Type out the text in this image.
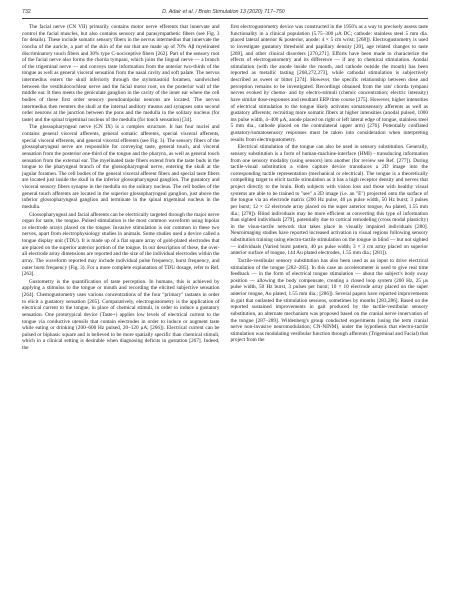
732	D. Adair et al. / Brain Stimulation 13 (2020) 717–750

The facial nerve (CN VII) primarily contains motor nerve efferents that innervate and control the facial muscles, but also contains sensory and parasympathetic fibers (see Fig. 3 for details). These include somatic sensory fibers in the nervus intermedius that innervate the concha of the auricle, a part of the skin of the ear that are made up of 70% Aβ myelinated discriminatory touch fibers and 30% type C-nociceptive fibers [262]. Part of the sensory root of the facial nerve also forms the chorda tympani, which joins the lingual nerve — a branch of the trigeminal nerve — and conveys taste information from the anterior two-thirds of the tongue as well as general visceral sensation from the nasal cavity and soft palate. The nervus intermedius enters the skull inferiorly through the stylomastoid foramen, sandwiched between the vestibulocochlear nerve and the facial motor root, on the posterior wall of the middle ear. It then meets the geniculate ganglion in the cavity of the inner ear where the cell bodies of these first order sensory pseudounipolar neurons are located. The nervus intermedius then reenters the skull at the internal auditory meatus and synapses onto second order neurons at the junction between the pons and the medulla in the solitary nucleus (for taste) and the spinal trigeminal nucleus of the medulla (for touch sensation) [34].

The glossopharyngeal nerve (CN IX) is a complex structure. It has four nuclei and contains general visceral afferents, general somatic afferents, special visceral afferents, special visceral efferents, and general visceral efferents (see Fig. 3). The sensory fibers of the glossopharyngeal nerve are responsible for conveying taste, general touch, and visceral sensation from the posterior one-third of the tongue and the pharynx, as well as general touch sensation from the external ear. The myelinated taste fibers extend from the taste buds in the tongue to the pharyngeal branch of the glossopharyngeal nerve, entering the skull at the jugular foramen. The cell bodies of the general visceral afferent fibers and special taste fibers are located just inside the skull in the inferior glossopharyngeal ganglion. The gustatory and visceral sensory fibers synapse in the medulla on the solitary nucleus. The cell bodies of the general touch afferents are located in the superior glossopharyngeal ganglion, just above the inferior glossopharyngeal ganglion and terminate in the spinal trigeminal nucleus in the medulla.

Glossopharyngeal and facial afferents can be electrically targeted through the major nerve organ for taste, the tongue. Pulsed stimulation is the most common waveform using bipolar or electrode arrays placed on the tongue. Invasive stimulation is not common in these two nerves, apart from electrophysiology studies in animals. Some studies used a device called a tongue display unit (TDU). It is made up of a flat square array of gold-plated electrodes that are placed on the superior anterior portion of the tongue. In our description of these, the over-all electrode array dimensions are reported and the size of the individual electrodes within the array. The waveform reported may include individual pulse frequency, burst frequency, and outer burst frequency (Fig. 3). For a more complete explanation of TDU dosage, refer to Ref. [263].

Gustometry is the quantification of taste perception. In humans, this is achieved by applying a stimulus to the tongue or mouth and recording the elicited subjective sensation [264]. Chemogustometry uses various concentrations of the four "primary" tastants in order to elicit a gustatory sensation [265]. Comparatively, electrogustometry is the application of electrical current to the tongue, in place of chemical stimuli, in order to induce a gustatory sensation. One prototypical device (Taste+) applies low levels of electrical current to the tongue via conductive utensils that contain electrodes in order to induce or augment taste while eating or drinking (200–600 Hz pulsed, 20–120 μA; [266]). Electrical current can be pulsed or biphasic square and is believed to be more spatially specific than chemical stimuli, which in a clinical setting is desirable when diagnosing deficits in gustation [267]. Indeed, the

first electrogustometry device was constructed in the 1950's as a way to precisely assess taste functionality in a clinical population (5.75–300 μA DC; cathode: stainless steel 5 mm dia. placed lateral anterior & posterior, anode: 4 × 5 cm wrist; [268]). Electrogustometry is used to investigate gustatory threshold and papillary density [20], age related changes to taste [269], and other clinical disorders [270,271]. Efforts have been made to characterize the effects of electrogustometry and its difference — if any to chemical stimulation. Anodal stimulation (with the anode inside the mouth, and cathode outside the mouth) has been reported as metallic tasting [268,272,273], while cathodal stimulation is subjectively described as sweet or bitter [274]. However, the specific relationship between dose and perception remains to be investigated. Recordings obtained from the rats' chorda tympani nerves evoked by chemo- and by electro-stimuli (chemic concentration; electric intensity) have similar dose-responses and resultant ERP time course [275]. However, higher intensities of electrical stimulation to the tongue likely activates somatosensory afferents as well as gustatory afferents; recruiting more somatic fibers at higher intensities (anodal pulsed, 1000 ms pulse width, 4–400 μA, anode placed on right or left lateral edge of tongue, stainless steel 5 mm dia., cathode placed on the contralateral upper arm) [276]. Potentially conflated gustatory/somatosensory responses must be taken into consideration when interpreting results from electrogustometry.

Electrical stimulation of the tongue can also be used in sensory substitution. Generally, sensory substitution is a form of human-machine-interface (HMI) - transducing information from one sensory modality (using sensors) into another (for review see Ref. [277]). During tactile-visual substitution a video capture device transduces a 2D image into the corresponding tactile representation (mechanical or electrical). The tongue is a theoretically compelling target to elicit tactile stimulation as it has a high receptor density and nerves that project directly to the brain. Both subjects with vision loss and those with healthy visual systems are able to be trained to "see" a 2D image (i.e. an "E") projected onto the surface of the tongue via an electrode matrix (200 Hz pulse, 40 μs pulse width, 50 Hz burst; 3 pulses per burst; 12 × 12 electrode array placed on the super anterior tongue, Au plated, 1.55 mm dia.; [278]). Blind individuals may be more efficient at converting this type of information than sighted individuals [279], potentially due to cortical remodeling (cross modal plasticity) in the visuo-tactile network that takes place in visually impaired individuals [280]. Neuroimaging studies have reported increased activation in visual regions following sensory substitution training using electro-tactile stimulation on the tongue in blind — but not sighted — individuals (Varied burst pattern, 40 μs pulse width; 3 × 3 cm array placed on superior anterior surface of tongue, 144 Au plated electrodes, 1.55 mm dia.; [281]).

Tactile-vestibular sensory substitution has also been used as an input to drive electrical stimulation of the tongue [282–285]. In this case an accelerometer is used to give real time feedback — in the form of electrical tongue stimulation — about the subject's body sway position — allowing the body compensate, creating a closed loop system (200 Hz, 25 μs pulse width, 50 Hz burst, 3 pulses per burst; 10 × 10 electrode array placed on the super anterior tongue, Au plated, 1.55 mm dia.; [286]). Several papers have reported improvements in gait that outlasted the stimulation sessions, sometimes by months [283,286]. Based on the reported sustained improvements in gait produced by the tactile-vestibular sensory substitution, an alternate mechanism was proposed based on the cranial nerve innervation of the tongue [287–289]. Wildenberg's group conducted experiments (using the term cranial nerve non-invasive neuromodulation; CN-NINM), under the hypothesis that electro-tactile stimulation was modulating vestibular function through afferents (Trigeminal and Facial) that project from the
